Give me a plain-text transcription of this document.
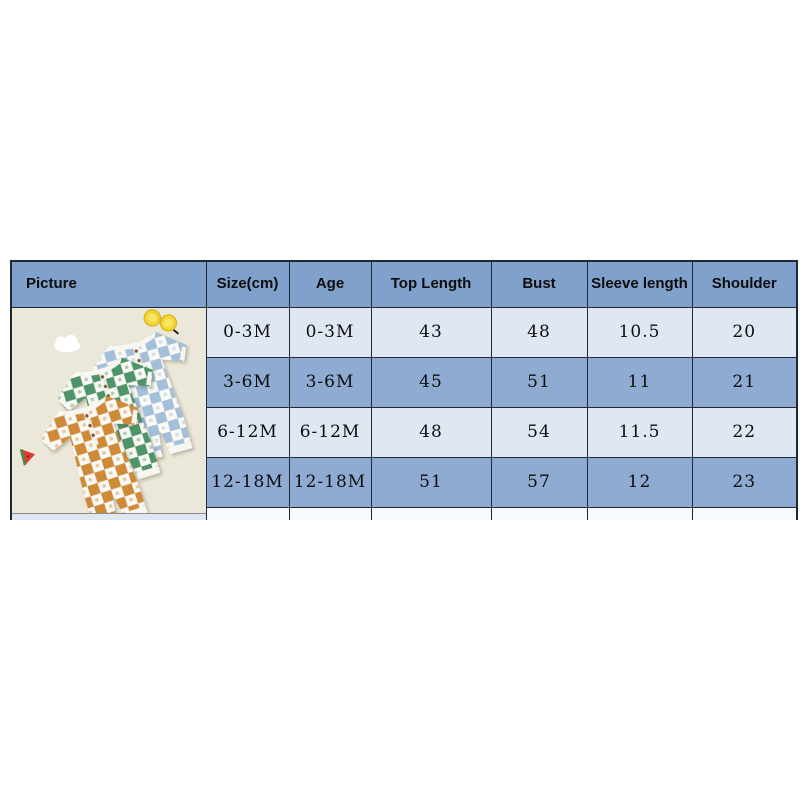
Picture	Size(cm)	Age	Top Length	Bust	Sleeve length	Shoulder

	0-3M	0-3M	43	48	10.5	20
	3-6M	3-6M	45	51	11	21
	6-12M	6-12M	48	54	11.5	22
	12-18M	12-18M	51	57	12	23
